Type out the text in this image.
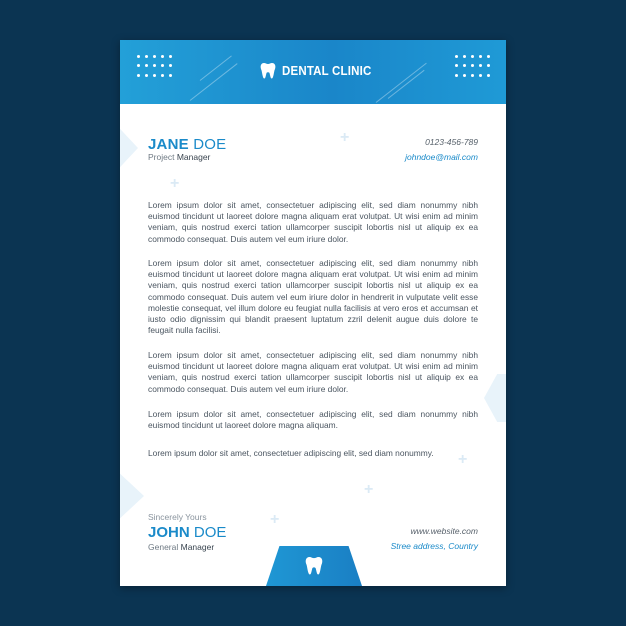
DENTAL CLINIC
+
+
+
+
+
JANE DOE
Project Manager
0123-456-789
johndoe@mail.com
Lorem ipsum dolor sit amet, consectetuer adipiscing elit, sed diam nonummy nibh euismod tincidunt ut laoreet dolore magna aliquam erat volutpat. Ut wisi enim ad minim veniam, quis nostrud exerci tation ullamcorper suscipit lobortis nisl ut aliquip ex ea commodo consequat. Duis autem vel eum iriure dolor.
Lorem ipsum dolor sit amet, consectetuer adipiscing elit, sed diam nonummy nibh euismod tincidunt ut laoreet dolore magna aliquam erat volutpat. Ut wisi enim ad minim veniam, quis nostrud exerci tation ullamcorper suscipit lobortis nisl ut aliquip ex ea commodo consequat. Duis autem vel eum iriure dolor in hendrerit in vulputate velit esse molestie consequat, vel illum dolore eu feugiat nulla facilisis at vero eros et accumsan et iusto odio dignissim qui blandit praesent luptatum zzril delenit augue duis dolore te feugait nulla facilisi.
Lorem ipsum dolor sit amet, consectetuer adipiscing elit, sed diam nonummy nibh euismod tincidunt ut laoreet dolore magna aliquam erat volutpat. Ut wisi enim ad minim veniam, quis nostrud exerci tation ullamcorper suscipit lobortis nisl ut aliquip ex ea commodo consequat. Duis autem vel eum iriure dolor.
Lorem ipsum dolor sit amet, consectetuer adipiscing elit, sed diam nonummy nibh euismod tincidunt ut laoreet dolore magna aliquam.
Lorem ipsum dolor sit amet, consectetuer adipiscing elit, sed diam nonummy.
Sincerely Yours
JOHN DOE
General Manager
www.website.com
Stree address, Country
